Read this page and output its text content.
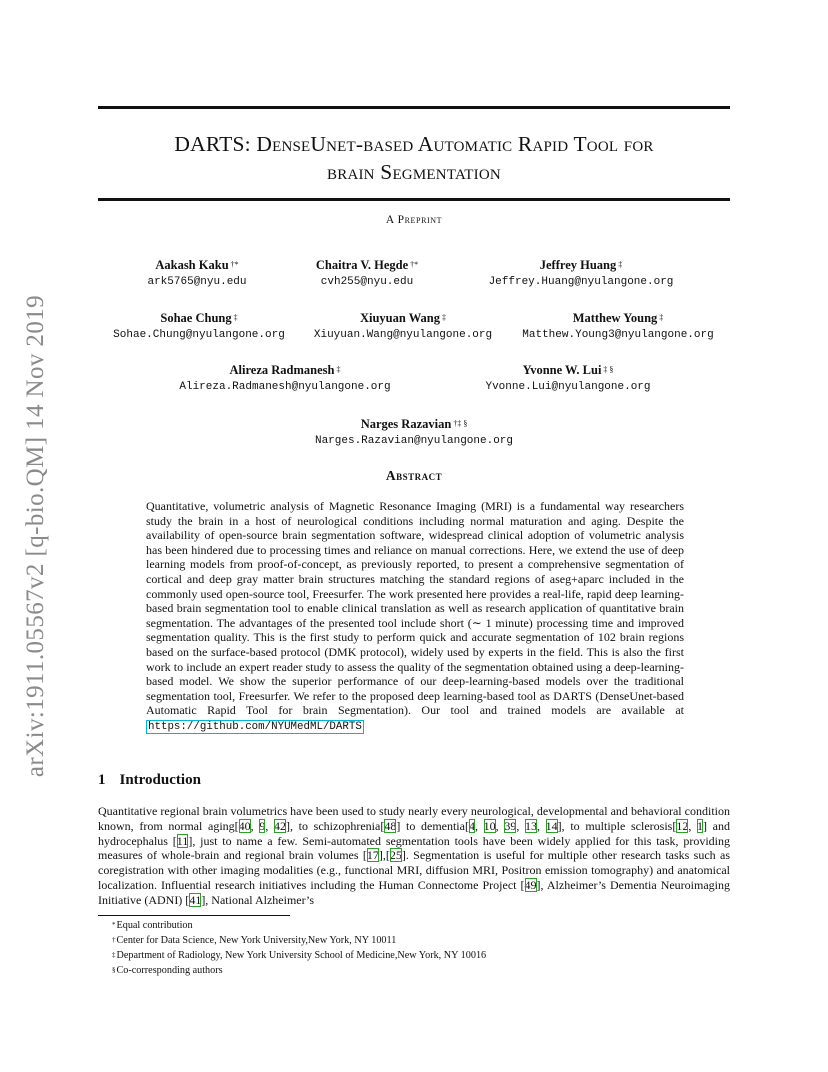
arXiv:1911.05567v2 [q-bio.QM] 14 Nov 2019
DARTS: DenseUnet-based Automatic Rapid Tool for
brain Segmentation
A Preprint
Aakash Kaku †*
ark5765@nyu.edu
Chaitra V. Hegde †*
cvh255@nyu.edu
Jeffrey Huang ‡
Jeffrey.Huang@nyulangone.org
Sohae Chung ‡
Sohae.Chung@nyulangone.org
Xiuyuan Wang ‡
Xiuyuan.Wang@nyulangone.org
Matthew Young ‡
Matthew.Young3@nyulangone.org
Alireza Radmanesh ‡
Alireza.Radmanesh@nyulangone.org
Yvonne W. Lui ‡ §
Yvonne.Lui@nyulangone.org
Narges Razavian †‡ §
Narges.Razavian@nyulangone.org
Abstract
Quantitative, volumetric analysis of Magnetic Resonance Imaging (MRI) is a fundamental way researchers study the brain in a host of neurological conditions including normal maturation and aging. Despite the availability of open-source brain segmentation software, widespread clinical adoption of volumetric analysis has been hindered due to processing times and reliance on manual corrections. Here, we extend the use of deep learning models from proof-of-concept, as previously reported, to present a comprehensive segmentation of cortical and deep gray matter brain structures matching the standard regions of aseg+aparc included in the commonly used open-source tool, Freesurfer. The work presented here provides a real-life, rapid deep learning-based brain segmentation tool to enable clinical translation as well as research application of quantitative brain segmentation. The advantages of the presented tool include short (∼ 1 minute) processing time and improved segmentation quality. This is the first study to perform quick and accurate segmentation of 102 brain regions based on the surface-based protocol (DMK protocol), widely used by experts in the field. This is also the first work to include an expert reader study to assess the quality of the segmentation obtained using a deep-learning-based model. We show the superior performance of our deep-learning-based models over the traditional segmentation tool, Freesurfer. We refer to the proposed deep learning-based tool as DARTS (DenseUnet-based Automatic Rapid Tool for brain Segmentation). Our tool and trained models are available at https://github.com/NYUMedML/DARTS
1 Introduction
Quantitative regional brain volumetrics have been used to study nearly every neurological, developmental and behavioral condition known, from normal aging[40, 9, 42], to schizophrenia[48] to dementia[4, 10, 39, 13, 14], to multiple sclerosis[12, 1] and hydrocephalus [11], just to name a few. Semi-automated segmentation tools have been widely applied for this task, providing measures of whole-brain and regional brain volumes [17],[25]. Segmentation is useful for multiple other research tasks such as coregistration with other imaging modalities (e.g., functional MRI, diffusion MRI, Positron emission tomography) and anatomical localization. Influential research initiatives including the Human Connectome Project [49], Alzheimer’s Dementia Neuroimaging Initiative (ADNI) [41], National Alzheimer’s
*Equal contribution
†Center for Data Science, New York University,New York, NY 10011
‡Department of Radiology, New York University School of Medicine,New York, NY 10016
§Co-corresponding authors
